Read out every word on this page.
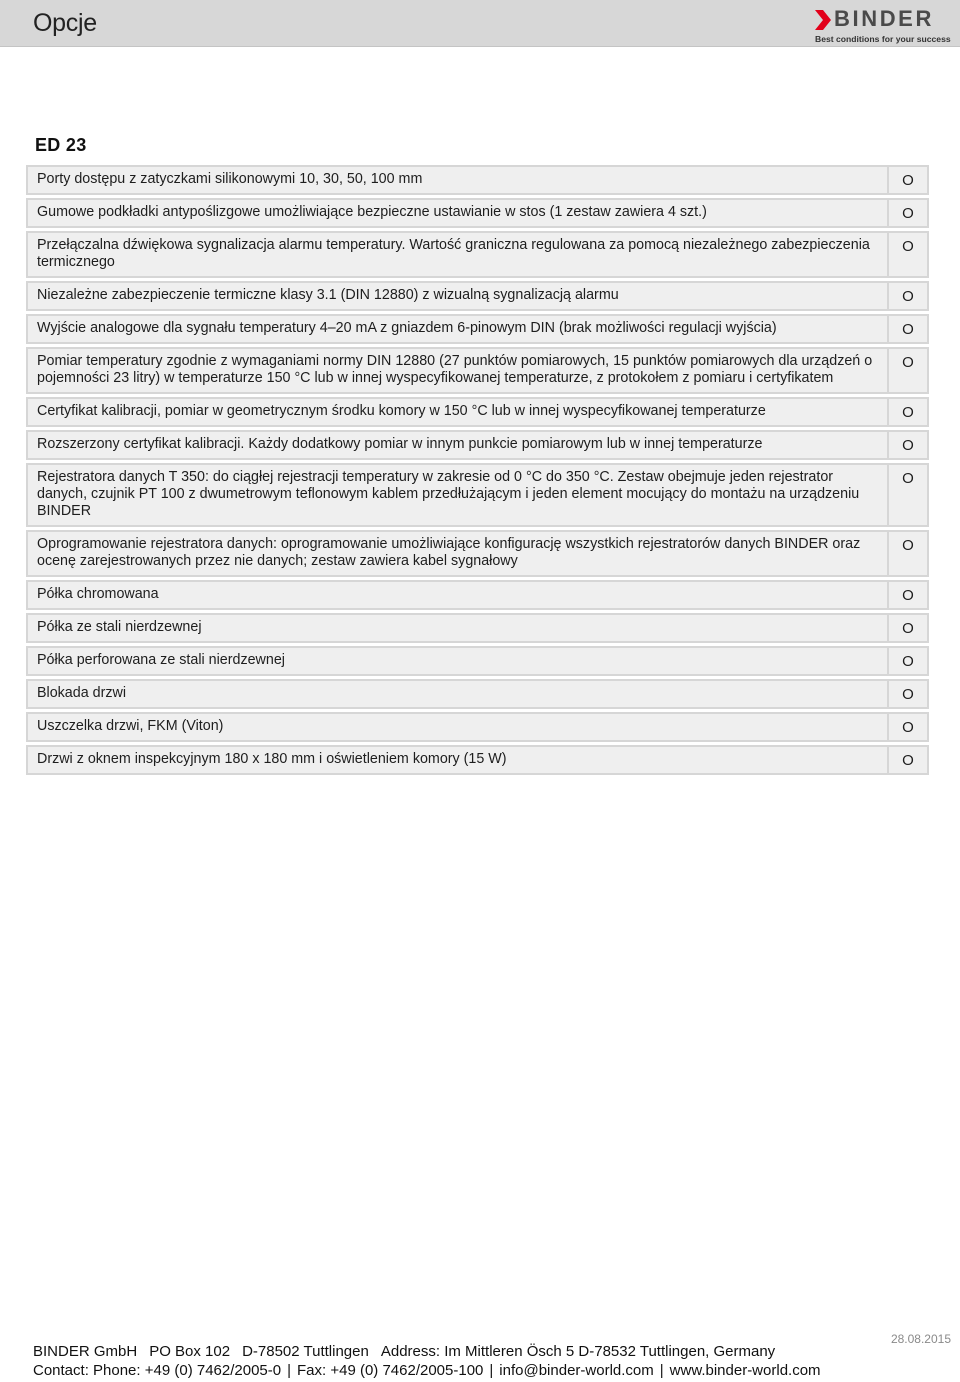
Opcje	BINDER
Best conditions for your success
ED 23
Porty dostępu z zatyczkami silikonowymi 10, 30, 50, 100 mm	O
Gumowe podkładki antypoślizgowe umożliwiające bezpieczne ustawianie w stos (1 zestaw zawiera 4 szt.)	O
Przełączalna dźwiękowa sygnalizacja alarmu temperatury. Wartość graniczna regulowana za pomocą niezależnego zabezpieczenia termicznego	O
Niezależne zabezpieczenie termiczne klasy 3.1 (DIN 12880) z wizualną sygnalizacją alarmu	O
Wyjście analogowe dla sygnału temperatury 4–20 mA z gniazdem 6-pinowym DIN (brak możliwości regulacji wyjścia)	O
Pomiar temperatury zgodnie z wymaganiami normy DIN 12880 (27 punktów pomiarowych, 15 punktów pomiarowych dla urządzeń o pojemności 23 litry) w temperaturze 150 °C lub w innej wyspecyfikowanej temperaturze, z protokołem z pomiaru i certyfikatem	O
Certyfikat kalibracji, pomiar w geometrycznym środku komory w 150 °C lub w innej wyspecyfikowanej temperaturze	O
Rozszerzony certyfikat kalibracji. Każdy dodatkowy pomiar w innym punkcie pomiarowym lub w innej temperaturze	O
Rejestratora danych T 350: do ciągłej rejestracji temperatury w zakresie od 0 °C do 350 °C. Zestaw obejmuje jeden rejestrator danych, czujnik PT 100 z dwumetrowym teflonowym kablem przedłużającym i jeden element mocujący do montażu na urządzeniu BINDER	O
Oprogramowanie rejestratora danych: oprogramowanie umożliwiające konfigurację wszystkich rejestratorów danych BINDER oraz ocenę zarejestrowanych przez nie danych; zestaw zawiera kabel sygnałowy	O
Półka chromowana	O
Półka ze stali nierdzewnej	O
Półka perforowana ze stali nierdzewnej	O
Blokada drzwi	O
Uszczelka drzwi, FKM (Viton)	O
Drzwi z oknem inspekcyjnym 180 x 180 mm i oświetleniem komory (15 W)	O
BINDER GmbH PO Box 102 D-78502 Tuttlingen Address: Im Mittleren Ösch 5 D-78532 Tuttlingen, Germany
Contact: Phone: +49 (0) 7462/2005-0 | Fax: +49 (0) 7462/2005-100 | info@binder-world.com | www.binder-world.com
28.08.2015
